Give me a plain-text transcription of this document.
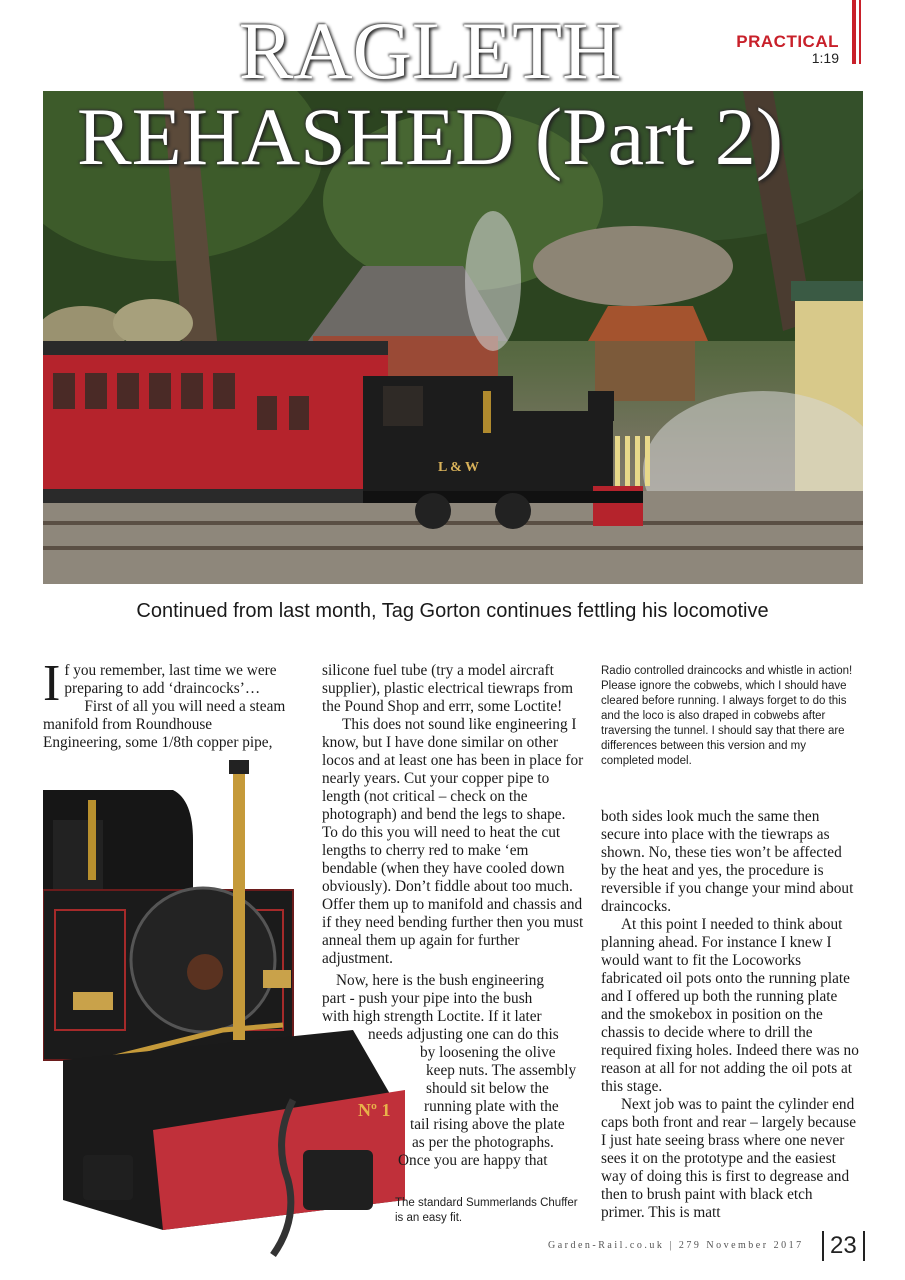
PRACTICAL
1:19
L & W
RAGLETH
REHASHED (Part 2)
Continued from last month, Tag Gorton continues fettling his locomotive

If you remember, last time we were preparing to add ‘draincocks’…

First of all you will need a steam manifold from Roundhouse Engineering, some 1/8th copper pipe,

Nº 1

silicone fuel tube (try a model aircraft supplier), plastic electrical tiewraps from the Pound Shop and errr, some Loctite!

This does not sound like engineering I know, but I have done similar on other locos and at least one has been in place for nearly years. Cut your copper pipe to length (not critical – check on the photograph) and bend the legs to shape. To do this you will need to heat the cut lengths to cherry red to make ‘em bendable (when they have cooled down obviously). Don’t fiddle about too much. Offer them up to manifold and chassis and if they need bending further then you must anneal them up again for further adjustment.

Now, here is the bush engineering
part - push your pipe into the bush
with high strength Loctite. If it later
needs adjusting one can do this
by loosening the olive
keep nuts. The assembly
should sit below the
running plate with the
tail rising above the plate
as per the photographs.
Once you are happy that
The standard Summerlands Chuffer is an easy fit.
Radio controlled draincocks and whistle in action! Please ignore the cobwebs, which I should have cleared before running. I always forget to do this and the loco is also draped in cobwebs after traversing the tunnel. I should say that there are differences between this version and my completed model.

both sides look much the same then secure into place with the tiewraps as shown. No, these ties won’t be affected by the heat and yes, the procedure is reversible if you change your mind about draincocks.

At this point I needed to think about planning ahead. For instance I knew I would want to fit the Locoworks fabricated oil pots onto the running plate and I offered up both the running plate and the smokebox in position on the chassis to decide where to drill the required fixing holes. Indeed there was no reason at all for not adding the oil pots at this stage.

Next job was to paint the cylinder end caps both front and rear – largely because I just hate seeing brass where one never sees it on the prototype and the easiest way of doing this is first to degrease and then to brush paint with black etch primer. This is matt

Garden-Rail.co.uk | 279 November 2017	23
